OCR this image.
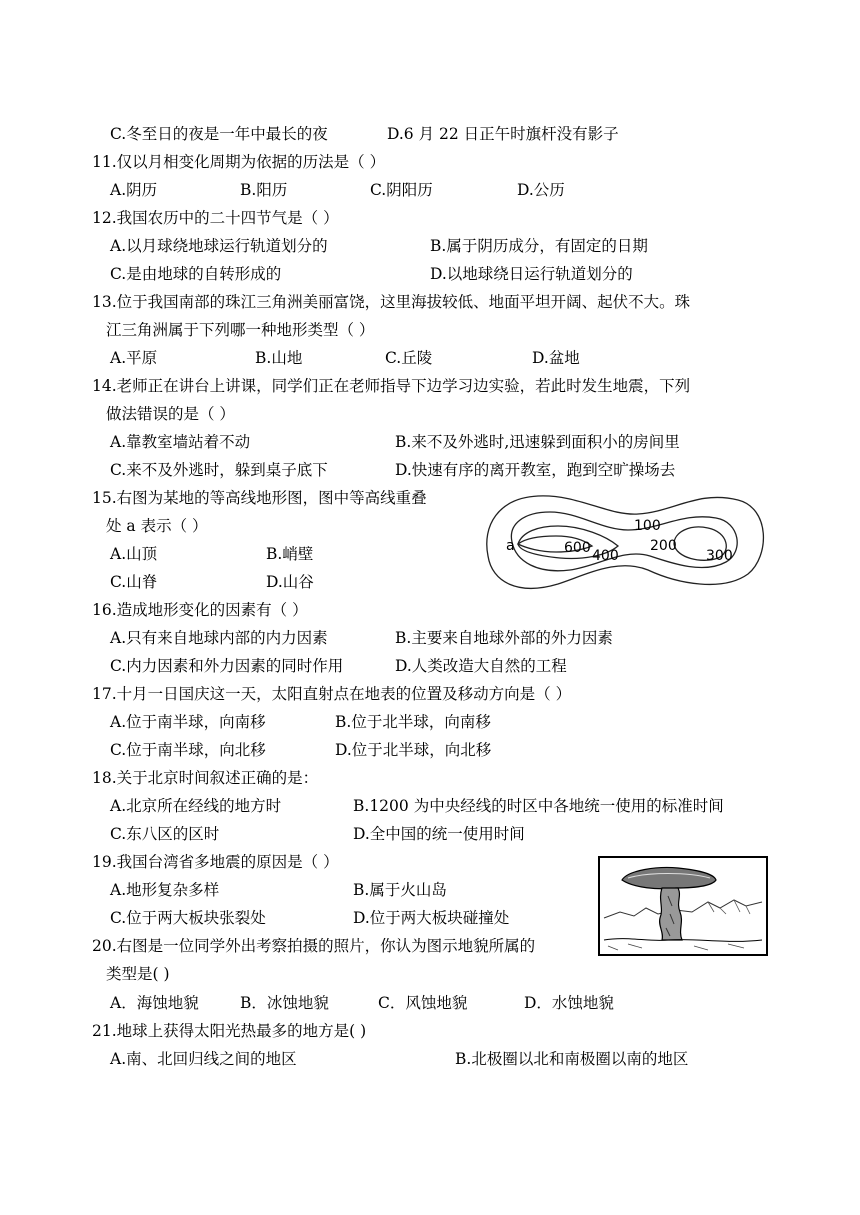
C.冬至日的夜是一年中最长的夜	D.6 月 22 日正午时旗杆没有影子
11.仅以月相变化周期为依据的历法是（ ）
A.阴历	B.阳历	C.阴阳历	D.公历
12.我国农历中的二十四节气是（ ）
A.以月球绕地球运行轨道划分的	B.属于阴历成分，有固定的日期
C.是由地球的自转形成的	D.以地球绕日运行轨道划分的
13.位于我国南部的珠江三角洲美丽富饶，这里海拔较低、地面平坦开阔、起伏不大。珠
江三角洲属于下列哪一种地形类型（ ）
A.平原	B.山地	C.丘陵	D.盆地
14.老师正在讲台上讲课，同学们正在老师指导下边学习边实验，若此时发生地震，下列
做法错误的是（ ）
A.靠教室墙站着不动	B.来不及外逃时,迅速躲到面积小的房间里
C.来不及外逃时，躲到桌子底下	D.快速有序的离开教室，跑到空旷操场去
15.右图为某地的等高线地形图，图中等高线重叠
处 a 表示（ ）
A.山顶	B.峭壁
C.山脊	D.山谷
a
100
600 400
200
300
16.造成地形变化的因素有（ ）
A.只有来自地球内部的内力因素	B.主要来自地球外部的外力因素
C.内力因素和外力因素的同时作用	D.人类改造大自然的工程
17.十月一日国庆这一天，太阳直射点在地表的位置及移动方向是（ ）
A.位于南半球，向南移	B.位于北半球，向南移
C.位于南半球，向北移	D.位于北半球，向北移
18.关于北京时间叙述正确的是：
A.北京所在经线的地方时	B.1200 为中央经线的时区中各地统一使用的标准时间
C.东八区的区时	D.全中国的统一使用时间
19.我国台湾省多地震的原因是（ ）
A.地形复杂多样	B.属于火山岛
C.位于两大板块张裂处	D.位于两大板块碰撞处
20.右图是一位同学外出考察拍摄的照片，你认为图示地貌所属的
类型是( )
A．海蚀地貌	B．冰蚀地貌	C．风蚀地貌	D．水蚀地貌
21.地球上获得太阳光热最多的地方是( )
A.南、北回归线之间的地区	B.北极圈以北和南极圈以南的地区
